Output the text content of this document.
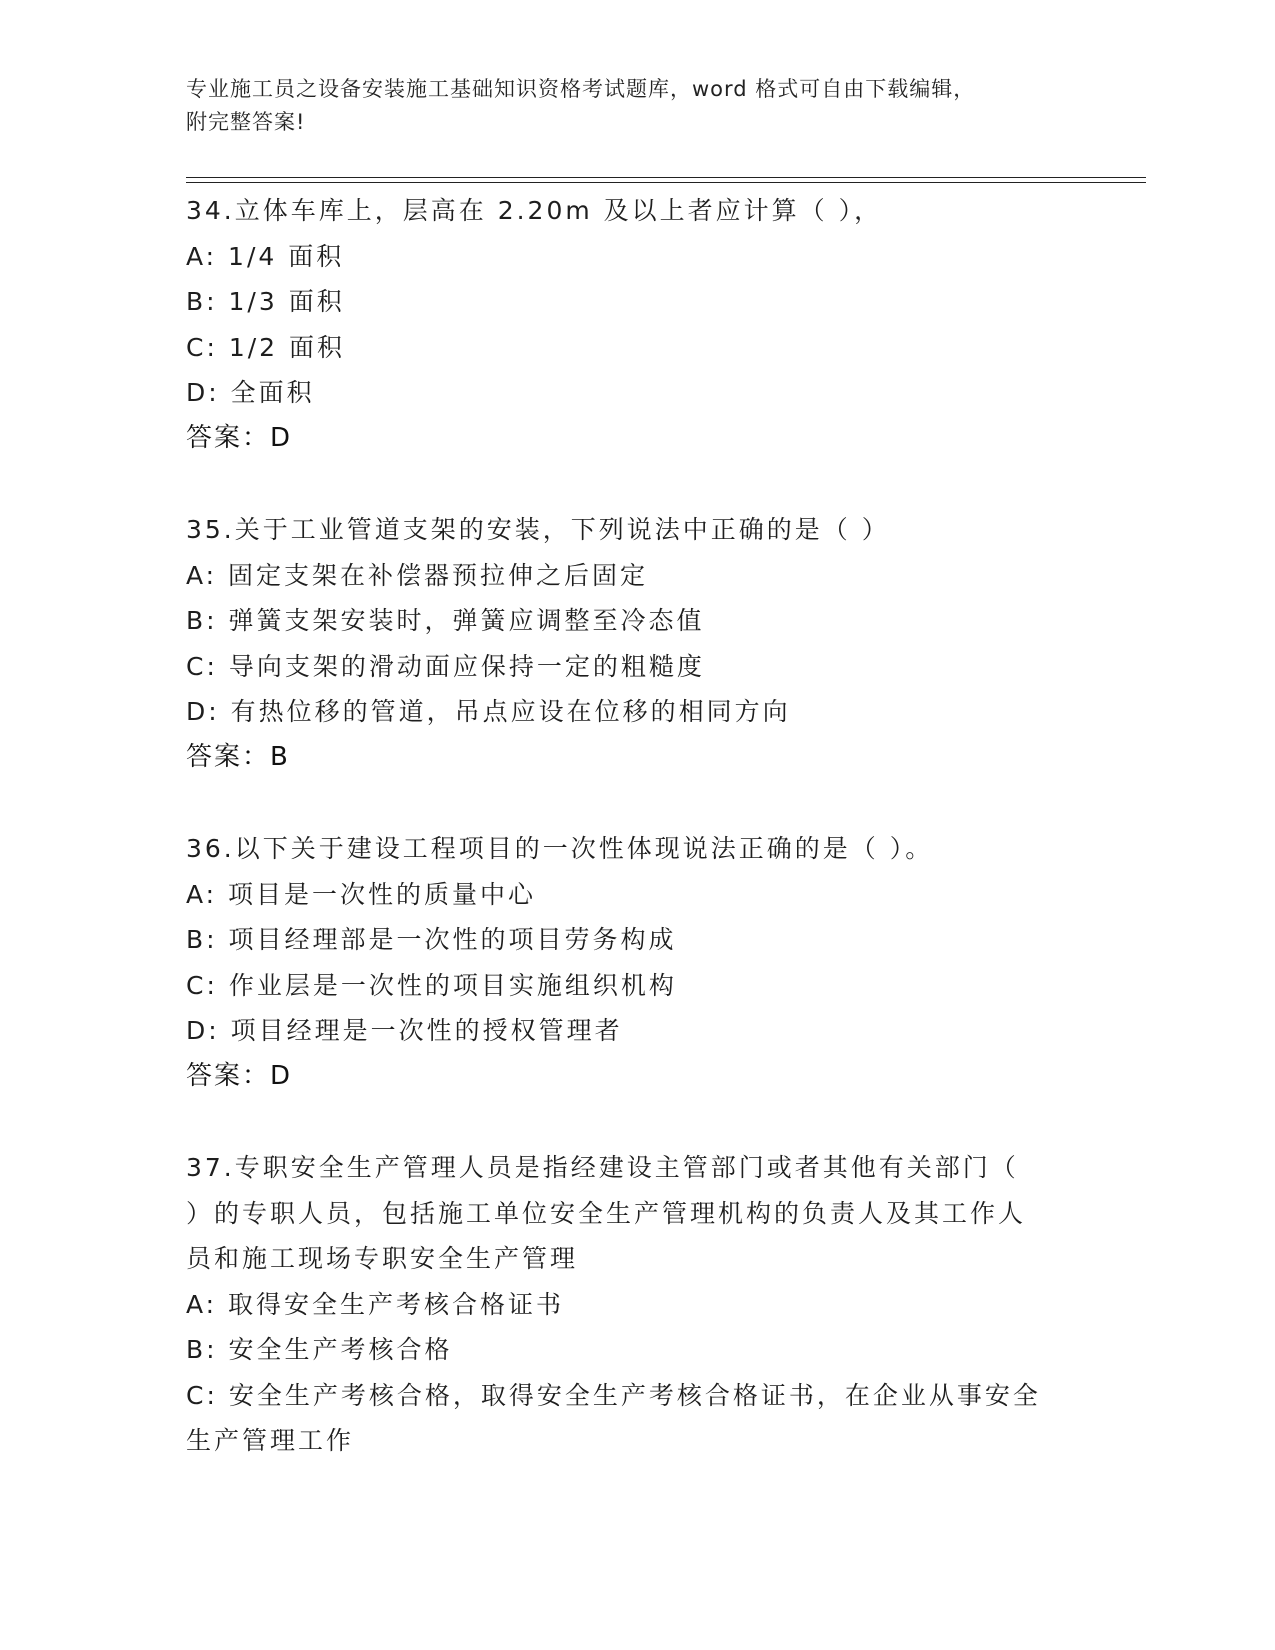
专业施工员之设备安装施工基础知识资格考试题库，word 格式可自由下载编辑，
附完整答案!
34.立体车库上，层高在 2.20m 及以上者应计算（ ），
A: 1/4 面积
B: 1/3 面积
C: 1/2 面积
D: 全面积
答案：D
35.关于工业管道支架的安装，下列说法中正确的是（ ）
A: 固定支架在补偿器预拉伸之后固定
B: 弹簧支架安装时，弹簧应调整至冷态值
C: 导向支架的滑动面应保持一定的粗糙度
D: 有热位移的管道，吊点应设在位移的相同方向
答案：B
36.以下关于建设工程项目的一次性体现说法正确的是（ ）。
A: 项目是一次性的质量中心
B: 项目经理部是一次性的项目劳务构成
C: 作业层是一次性的项目实施组织机构
D: 项目经理是一次性的授权管理者
答案：D
37.专职安全生产管理人员是指经建设主管部门或者其他有关部门（
）的专职人员，包括施工单位安全生产管理机构的负责人及其工作人
员和施工现场专职安全生产管理
A: 取得安全生产考核合格证书
B: 安全生产考核合格
C: 安全生产考核合格，取得安全生产考核合格证书，在企业从事安全
生产管理工作
